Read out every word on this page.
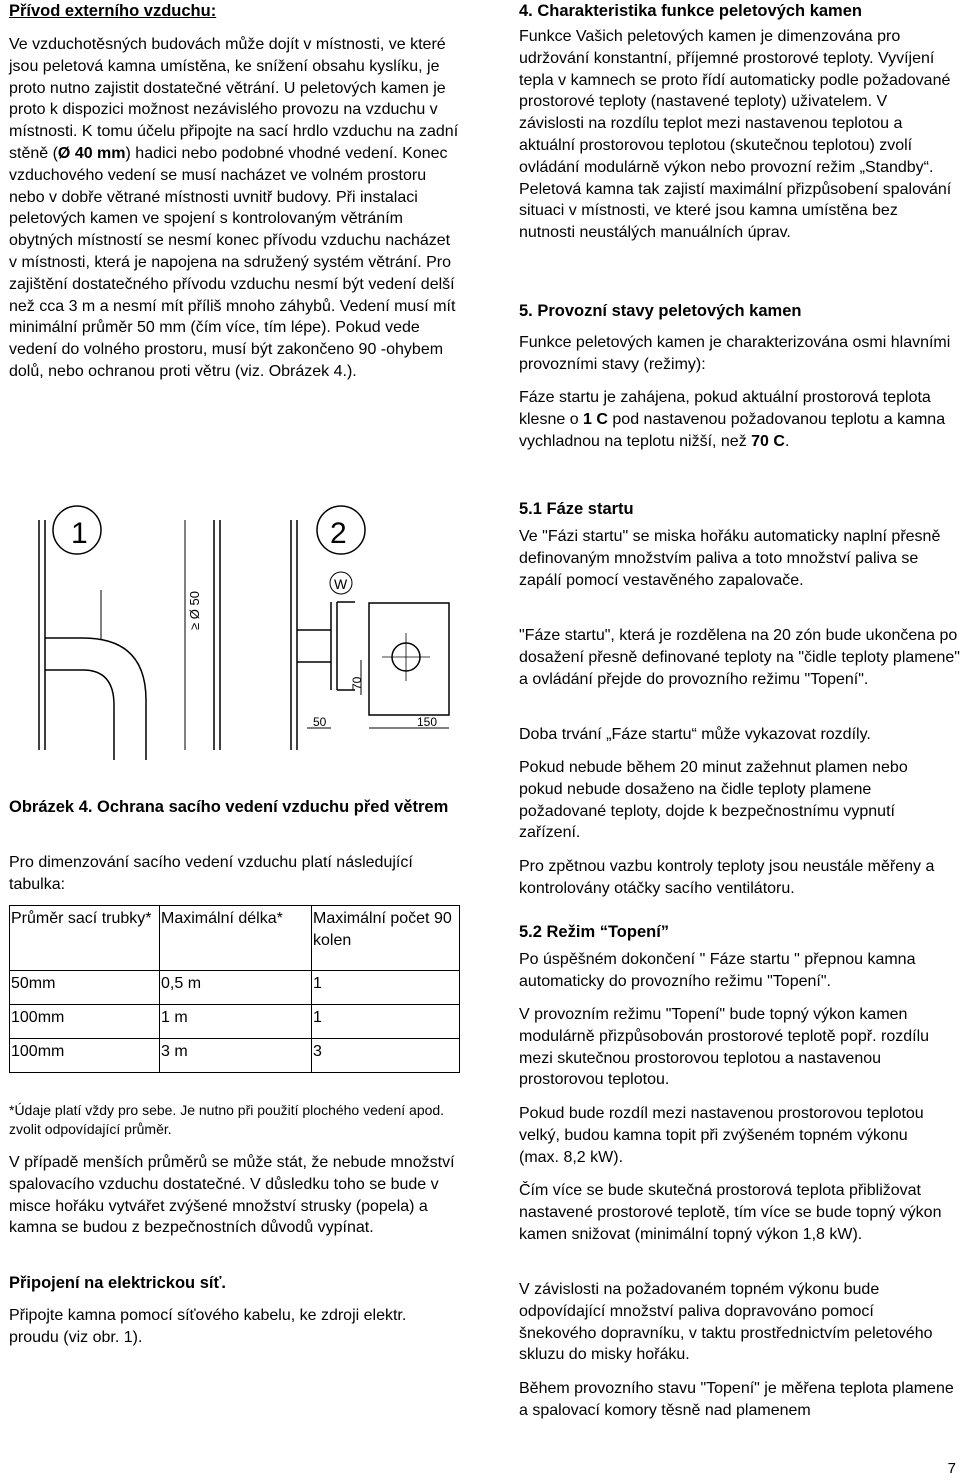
Přívod externího vzduchu:

Ve vzduchotěsných budovách může dojít v místnosti, ve které jsou peletová kamna umístěna, ke snížení obsahu kyslíku, je proto nutno zajistit dostatečné větrání. U peletových kamen je proto k dispozici možnost nezávislého provozu na vzduchu v místnosti. K tomu účelu připojte na sací hrdlo vzduchu na zadní stěně (Ø 40 mm) hadici nebo podobné vhodné vedení. Konec vzduchového vedení se musí nacházet ve volném prostoru nebo v dobře větrané místnosti uvnitř budovy. Při instalaci peletových kamen ve spojení s kontrolovaným větráním obytných místností se nesmí konec přívodu vzduchu nacházet v místnosti, která je napojena na sdružený systém větrání. Pro zajištění dostatečného přívodu vzduchu nesmí být vedení delší než cca 3 m a nesmí mít příliš mnoho záhybů. Vedení musí mít minimální průměr 50 mm (čím více, tím lépe). Pokud vede vedení do volného prostoru, musí být zakončeno 90 -ohybem dolů, nebo ochranou proti větru (viz. Obrázek 4.).

1
≥ Ø 50
2
W
70
50	150

Obrázek 4. Ochrana sacího vedení vzduchu před větrem

Pro dimenzování sacího vedení vzduchu platí následující tabulka:

Průměr sací trubky*	Maximální délka*	Maximální počet 90 kolen
50mm	0,5 m	1
100mm	1 m	1
100mm	3 m	3

*Údaje platí vždy pro sebe. Je nutno při použití plochého vedení apod. zvolit odpovídající průměr.

V případě menších průměrů se může stát, že nebude množství spalovacího vzduchu dostatečné. V důsledku toho se bude v misce hořáku vytvářet zvýšené množství strusky (popela) a kamna se budou z bezpečnostních důvodů vypínat.

Připojení na elektrickou síť.

Připojte kamna pomocí síťového kabelu, ke zdroji elektr. proudu (viz obr. 1).

4. Charakteristika funkce peletových kamen

Funkce Vašich peletových kamen je dimenzována pro udržování konstantní, příjemné prostorové teploty. Vyvíjení tepla v kamnech se proto řídí automaticky podle požadované prostorové teploty (nastavené teploty) uživatelem. V závislosti na rozdílu teplot mezi nastavenou teplotou a aktuální prostorovou teplotou (skutečnou teplotou) zvolí ovládání modulárně výkon nebo provozní režim „Standby“. Peletová kamna tak zajistí maximální přizpůsobení spalování situaci v místnosti, ve které jsou kamna umístěna bez nutnosti neustálých manuálních úprav.

5. Provozní stavy peletových kamen

Funkce peletových kamen je charakterizována osmi hlavními provozními stavy (režimy):

Fáze startu je zahájena, pokud aktuální prostorová teplota klesne o 1 C pod nastavenou požadovanou teplotu a kamna vychladnou na teplotu nižší, než 70 C.

5.1 Fáze startu

Ve "Fázi startu" se miska hořáku automaticky naplní přesně definovaným množstvím paliva a toto množství paliva se zapálí pomocí vestavěného zapalovače.

"Fáze startu", která je rozdělena na 20 zón bude ukončena po dosažení přesně definované teploty na "čidle teploty plamene" a ovládání přejde do provozního režimu "Topení".

Doba trvání „Fáze startu“ může vykazovat rozdíly.

Pokud nebude během 20 minut zažehnut plamen nebo pokud nebude dosaženo na čidle teploty plamene požadované teploty, dojde k bezpečnostnímu vypnutí zařízení.

Pro zpětnou vazbu kontroly teploty jsou neustále měřeny a kontrolovány otáčky sacího ventilátoru.

5.2 Režim “Topení”

Po úspěšném dokončení " Fáze startu " přepnou kamna automaticky do provozního režimu "Topení".

V provozním režimu "Topení" bude topný výkon kamen modulárně přizpůsobován prostorové teplotě popř. rozdílu mezi skutečnou prostorovou teplotou a nastavenou prostorovou teplotou.

Pokud bude rozdíl mezi nastavenou prostorovou teplotou velký, budou kamna topit při zvýšeném topném výkonu (max. 8,2 kW).

Čím více se bude skutečná prostorová teplota přibližovat nastavené prostorové teplotě, tím více se bude topný výkon kamen snižovat (minimální topný výkon 1,8 kW).

V závislosti na požadovaném topném výkonu bude odpovídající množství paliva dopravováno pomocí šnekového dopravníku, v taktu prostřednictvím peletového skluzu do misky hořáku.

Během provozního stavu "Topení" je měřena teplota plamene a spalovací komory těsně nad plamenem

7
